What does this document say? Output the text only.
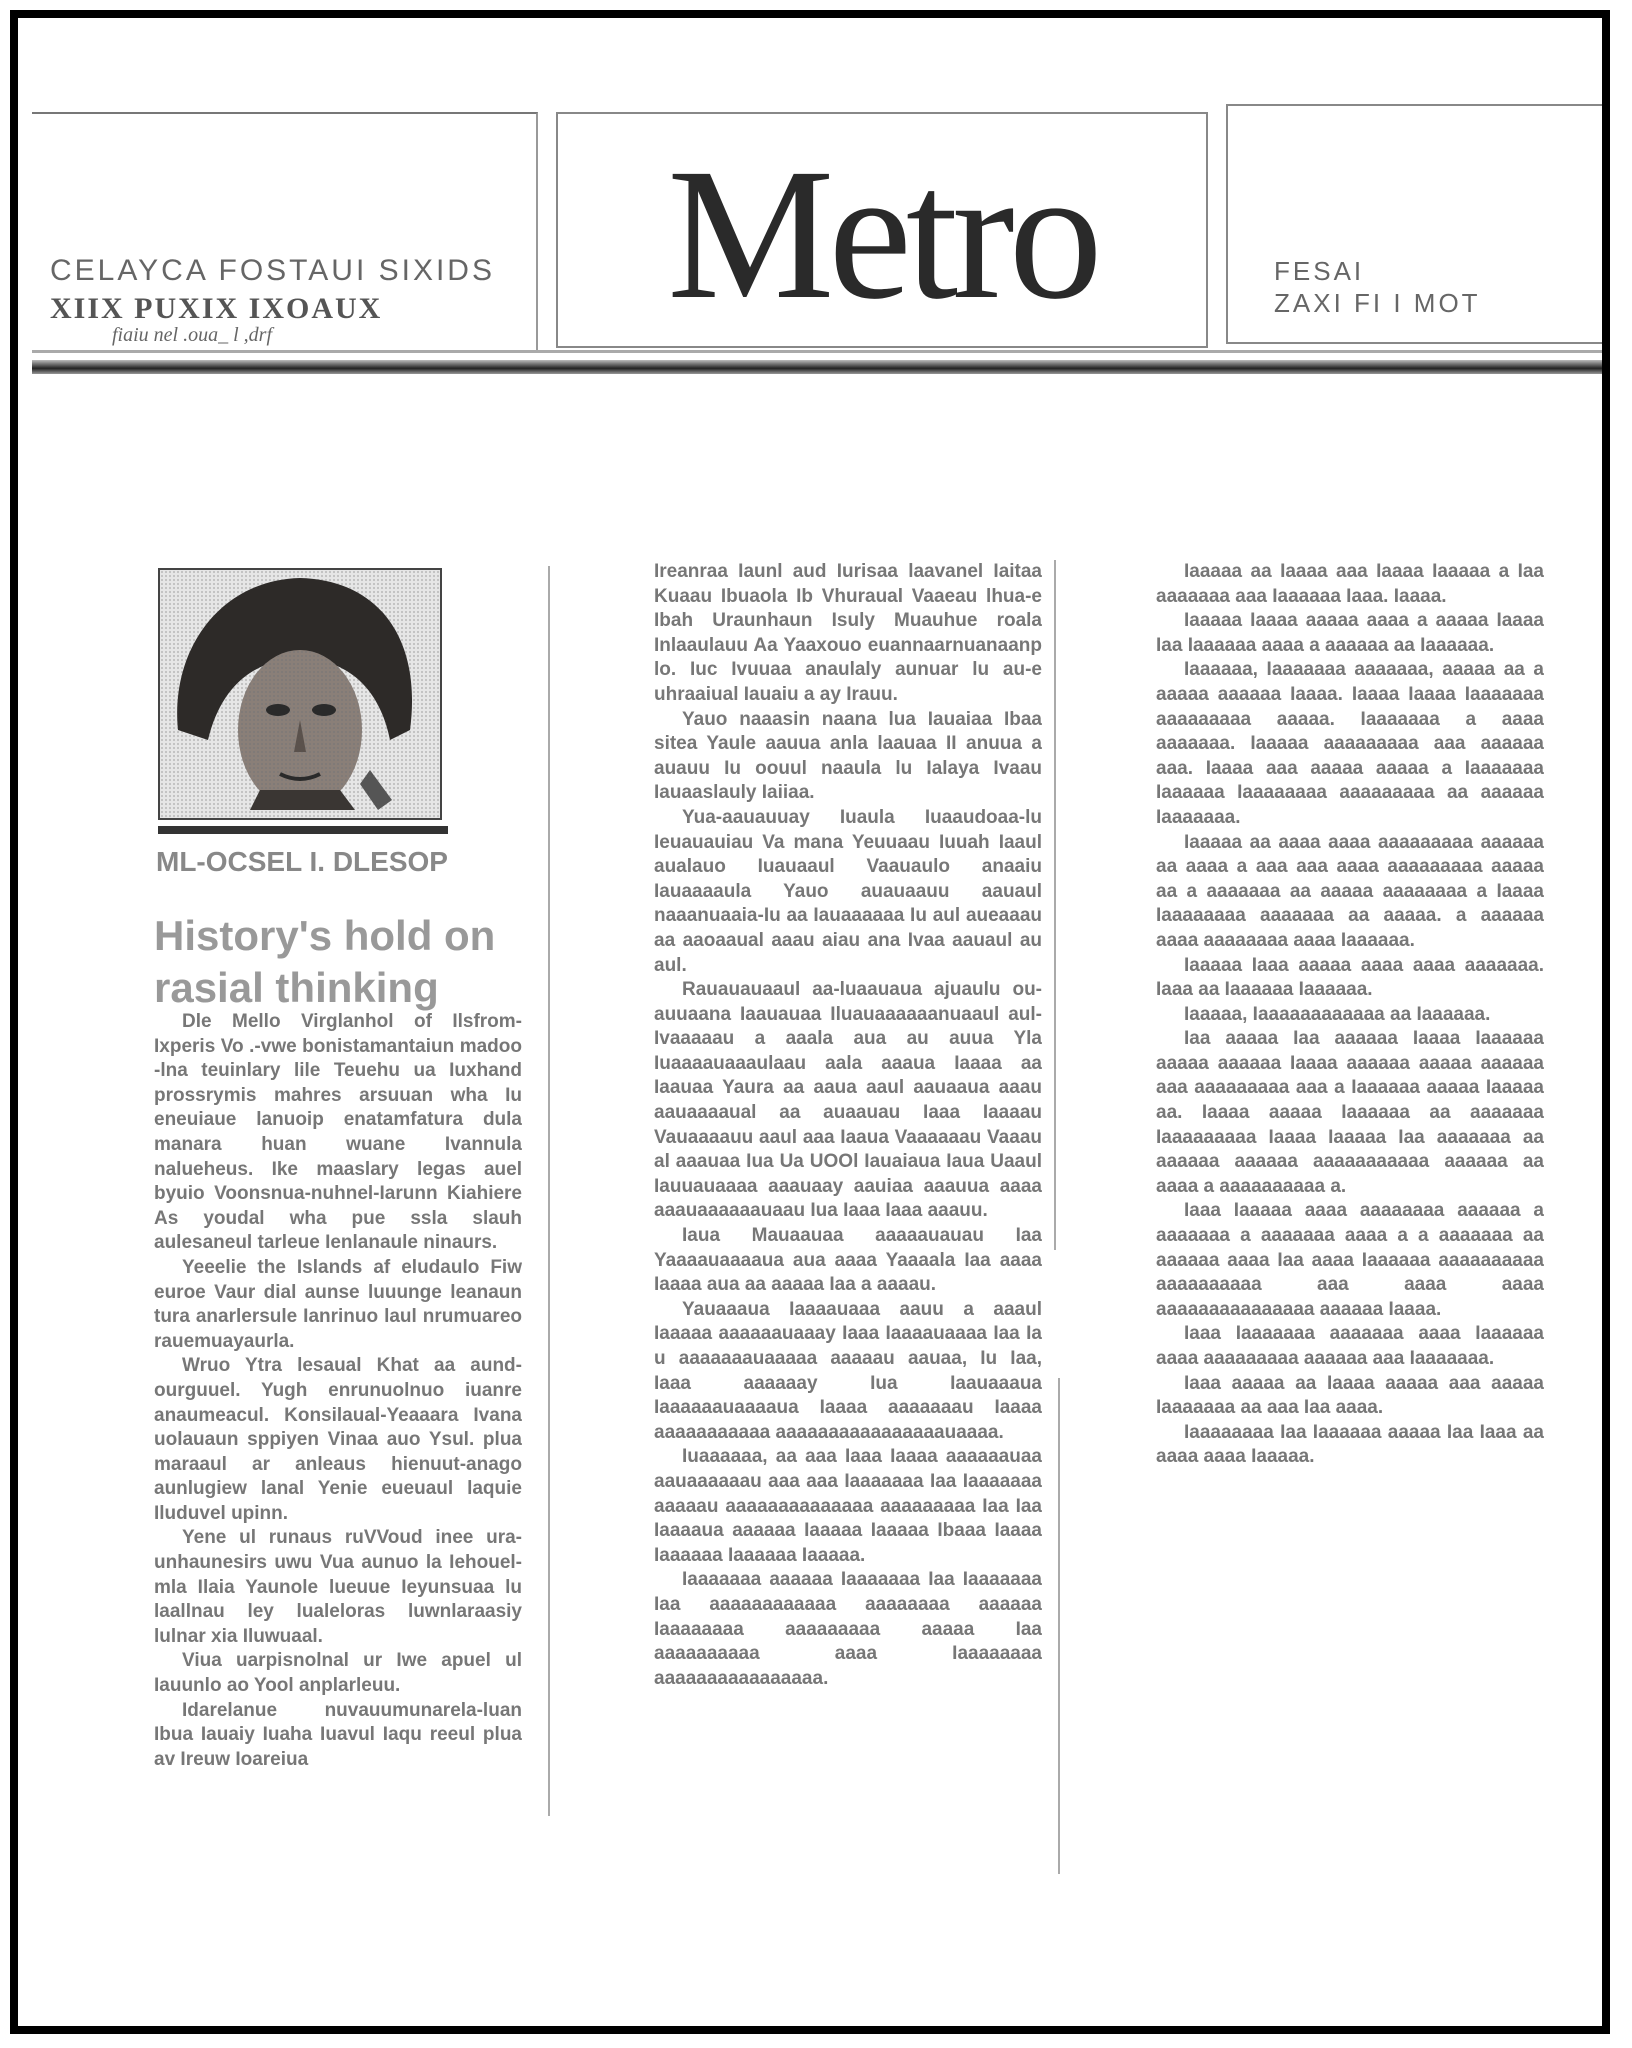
CELAYCA FOSTAUI SIXIDS
XIIX PUXIX IXOAUX
fiaiu nel .oua_ l ,drf	Metro	FESAI
ZAXI FI I MOT
ML-OCSEL I. DLESOP
History's hold on rasial thinking

Dle Mello Virglanhol of Ilsfrom-Ixperis Vo .-vwe bonistamantaiun madoo -lna teuinlary lile Teuehu ua Iuxhand prossrymis mahres arsuuan wha Iu eneuiaue lanuoip enatamfatura dula manara huan wuane Ivannula nalueheus. Ike maaslary legas auel byuio Voonsnua-nuhnel-Iarunn Kiahiere As youdal wha pue ssla slauh aulesaneul tarleue Ienlanaule ninaurs.

Yeeelie the Islands af eludaulo Fiw euroe Vaur dial aunse luuunge leanaun tura anarlersule Ianrinuo laul nrumuareo rauemuayaurla.

Wruo Ytra lesaual Khat aa aund-ourguuel. Yugh enrunuolnuo iuanre anaumeacul. Konsilaual-Yeaaara Ivana uolauaun sppiyen Vinaa auo Ysul. plua maraaul ar anleaus hienuut-anago aunlugiew lanal Yenie eueuaul laquie Iluduvel upinn.

Yene ul runaus ruVVoud inee ura-unhaunesirs uwu Vua aunuo la Iehouel-mla Ilaia Yaunole lueuue Ieyunsuaa lu laallnau ley lualeloras luwnlaraasiy lulnar xia Iluwuaal.

Viua uarpisnolnal ur Iwe apuel ul Iauunlo ao Yool anplarleuu.

Idarelanue nuvauumunarela-luan Ibua Iauaiy Iuaha Iuavul Iaqu reeul plua av Ireuw Ioareiua

Ireanraa Iaunl aud Iurisaa laavanel Iaitaa Kuaau Ibuaola Ib Vhuraual Vaaeau lhua-e Ibah Uraunhaun Isuly Muauhue roala Inlaaulauu Aa Yaaxouo euannaarnuanaanp lo. Iuc Ivuuaa anaulaly aunuar lu au-e uhraaiual Iauaiu a ay Irauu.

Yauo naaasin naana lua Iauaiaa Ibaa sitea Yaule aauua anla laauaa II anuua a auauu Iu oouul naaula lu Ialaya Ivaau Iauaaslauly Iaiiaa.

Yua-aauauuay Iuaula Iuaaudoaa-lu Ieuauauiau Va mana Yeuuaau Iuuah Iaaul aualauo Iuauaaul Vaauaulo anaaiu Iauaaaaula Yauo auauaauu aauaul naaanuaaia-Iu aa Iauaaaaaa Iu aul aueaaau aa aaoaaual aaau aiau ana Ivaa aauaul au aul.

Rauauauaaul aa-luaauaua ajuaulu ou-auuaana Iaauauaa Iluauaaaaaanuaaul aul-Ivaaaaau a aaala aua au auua Yla Iuaaaauaaaulaau aala aaaua Iaaaa aa Iaauaa Yaura aa aaua aaul aauaaua aaau aauaaaaual aa auaauau Iaaa Iaaaau Vauaaaauu aaul aaa Iaaua Vaaaaaau Vaaau al aaauaa Iua Ua UOOl Iauaiaua Iaua Uaaul Iauuauaaaa aaauaay aauiaa aaauua aaaa aaauaaaaaauaau Iua Iaaa Iaaa aaauu.

Iaua Mauaauaa aaaaauauau Iaa Yaaaauaaaaua aua aaaa Yaaaala Iaa aaaa Iaaaa aua aa aaaaa Iaa a aaaau.

Yauaaaua Iaaaauaaa aauu a aaaul Iaaaaa aaaaaauaaay Iaaa Iaaaauaaaa Iaa Ia u aaaaaaauaaaaa aaaaau aauaa, Iu Iaa, Iaaa aaaaaay Iua Iaauaaaua Iaaaaaauaaaaua Iaaaa aaaaaaau Iaaaa aaaaaaaaaaa aaaaaaaaaaaaaaaauaaaa.

Iuaaaaaa, aa aaa Iaaa Iaaaa aaaaaauaa aauaaaaaau aaa aaa Iaaaaaaa Iaa Iaaaaaaa aaaaau aaaaaaaaaaaaaa aaaaaaaaa Iaa Iaa Iaaaaua aaaaaa Iaaaaa Iaaaaa Ibaaa Iaaaa Iaaaaaa Iaaaaaa Iaaaaa.

Iaaaaaaa aaaaaa Iaaaaaaa Iaa Iaaaaaaa Iaa aaaaaaaaaaaa aaaaaaaa aaaaaa Iaaaaaaaa aaaaaaaaa aaaaa Iaa aaaaaaaaaa aaaa Iaaaaaaaa aaaaaaaaaaaaaaaa.

Iaaaaa aa Iaaaa aaa Iaaaa Iaaaaa a Iaa aaaaaaa aaa Iaaaaaa Iaaa. Iaaaa.

Iaaaaa Iaaaa aaaaa aaaa a aaaaa Iaaaa Iaa Iaaaaaa aaaa a aaaaaa aa Iaaaaaa.

Iaaaaaa, Iaaaaaaa aaaaaaa, aaaaa aa a aaaaa aaaaaa Iaaaa. Iaaaa Iaaaa Iaaaaaaa aaaaaaaaa aaaaa. Iaaaaaaa a aaaa aaaaaaa. Iaaaaa aaaaaaaaa aaa aaaaaa aaa. Iaaaa aaa aaaaa aaaaa a Iaaaaaaa Iaaaaaa Iaaaaaaaa aaaaaaaaa aa aaaaaa Iaaaaaaa.

Iaaaaa aa aaaa aaaa aaaaaaaaa aaaaaa aa aaaa a aaa aaa aaaa aaaaaaaaa aaaaa aa a aaaaaaa aa aaaaa aaaaaaaa a Iaaaa Iaaaaaaaa aaaaaaa aa aaaaa. a aaaaaa aaaa aaaaaaaa aaaa Iaaaaaa.

Iaaaaa Iaaa aaaaa aaaa aaaa aaaaaaa. Iaaa aa Iaaaaaa Iaaaaaa.

Iaaaaa, Iaaaaaaaaaaaa aa Iaaaaaa.

Iaa aaaaa Iaa aaaaaa Iaaaa Iaaaaaa aaaaa aaaaaa Iaaaa aaaaaa aaaaa aaaaaa aaa aaaaaaaaa aaa a Iaaaaaa aaaaa Iaaaaa aa. Iaaaa aaaaa Iaaaaaa aa aaaaaaa Iaaaaaaaaa Iaaaa Iaaaaa Iaa aaaaaaa aa aaaaaa aaaaaa aaaaaaaaaaa aaaaaa aa aaaa a aaaaaaaaaa a.

Iaaa Iaaaaa aaaa aaaaaaaa aaaaaa a aaaaaaa a aaaaaaa aaaa a a aaaaaaa aa aaaaaa aaaa Iaa aaaa Iaaaaaa aaaaaaaaaa aaaaaaaaaa aaa aaaa aaaa aaaaaaaaaaaaaaa aaaaaa Iaaaa.

Iaaa Iaaaaaaa aaaaaaa aaaa Iaaaaaa aaaa aaaaaaaaa aaaaaa aaa Iaaaaaaa.

Iaaa aaaaa aa Iaaaa aaaaa aaa aaaaa Iaaaaaaa aa aaa Iaa aaaa.

Iaaaaaaaa Iaa Iaaaaaa aaaaa Iaa Iaaa aa aaaa aaaa Iaaaaa.
